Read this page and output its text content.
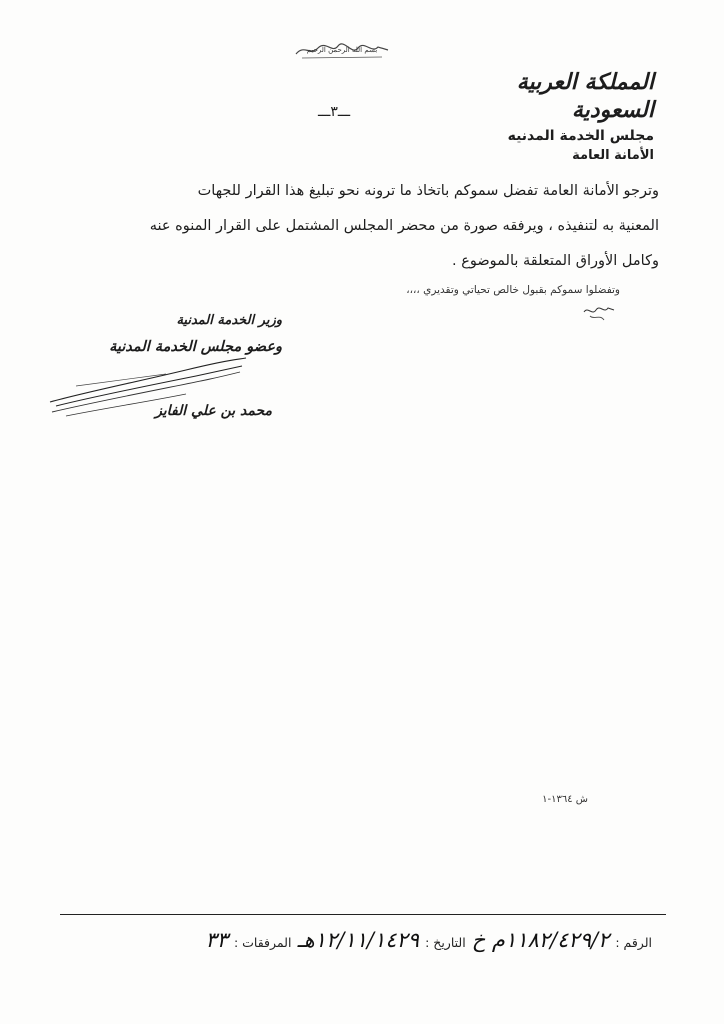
بسم الله الرحمن الرحيم
المملكة العربية السعودية
مجلس الخدمة المدنيه
الأمانة العامة
ـــ٣ـــ

وترجو الأمانة العامة تفضل سموكم باتخاذ ما ترونه نحو تبليغ هذا القرار للجهات

المعنية به لتنفيذه ، ويرفقه صورة من محضر المجلس المشتمل على القرار المنوه عنه

وكامل الأوراق المتعلقة بالموضوع .

وتفضلوا سموكم بقبول خالص تحياتي وتقديري ،،،،
وزير الخدمة المدنية
وعضو مجلس الخدمة المدنية
محمد بن علي الفايز
ش ١٣٦٤-١
الرقم :
١١٨٢/٤٢٩/٢م خ
التاريخ :
١٢/١١/١٤٢٩هـ
المرفقات :
٣٣
